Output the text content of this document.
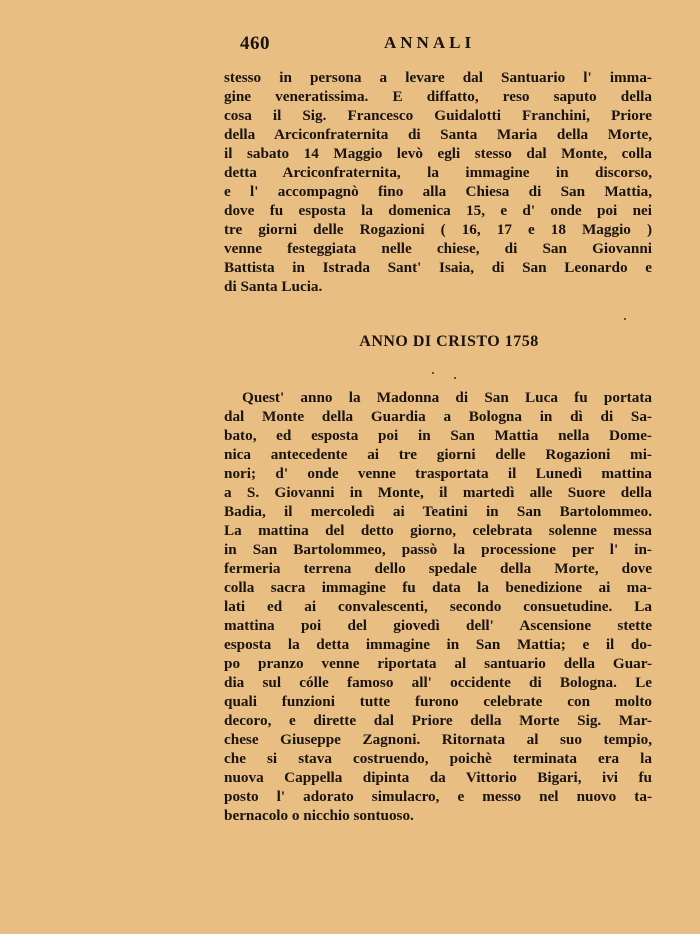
460	ANNALI
stesso in persona a levare dal Santuario l' imma-
gine veneratissima. E diffatto, reso saputo della
cosa il Sig. Francesco Guidalotti Franchini, Priore
della Arciconfraternita di Santa Maria della Morte,
il sabato 14 Maggio levò egli stesso dal Monte, colla
detta Arciconfraternita, la immagine in discorso,
e l' accompagnò fino alla Chiesa di San Mattia,
dove fu esposta la domenica 15, e d' onde poi nei
tre giorni delle Rogazioni ( 16, 17 e 18 Maggio )
venne festeggiata nelle chiese, di San Giovanni
Battista in Istrada Sant' Isaia, di San Leonardo e
di Santa Lucia.
ANNO DI CRISTO 1758
Quest' anno la Madonna di San Luca fu portata
dal Monte della Guardia a Bologna in dì di Sa-
bato, ed esposta poi in San Mattia nella Dome-
nica antecedente ai tre giorni delle Rogazioni mi-
nori; d' onde venne trasportata il Lunedì mattina
a S. Giovanni in Monte, il martedì alle Suore della
Badia, il mercoledì ai Teatini in San Bartolommeo.
La mattina del detto giorno, celebrata solenne messa
in San Bartolommeo, passò la processione per l' in-
fermeria terrena dello spedale della Morte, dove
colla sacra immagine fu data la benedizione ai ma-
lati ed ai convalescenti, secondo consuetudine. La
mattina poi del giovedì dell' Ascensione stette
esposta la detta immagine in San Mattia; e il do-
po pranzo venne riportata al santuario della Guar-
dia sul cólle famoso all' occidente di Bologna. Le
quali funzioni tutte furono celebrate con molto
decoro, e dirette dal Priore della Morte Sig. Mar-
chese Giuseppe Zagnoni. Ritornata al suo tempio,
che si stava costruendo, poichè terminata era la
nuova Cappella dipinta da Vittorio Bigari, ivi fu
posto l' adorato simulacro, e messo nel nuovo ta-
bernacolo o nicchio sontuoso.
